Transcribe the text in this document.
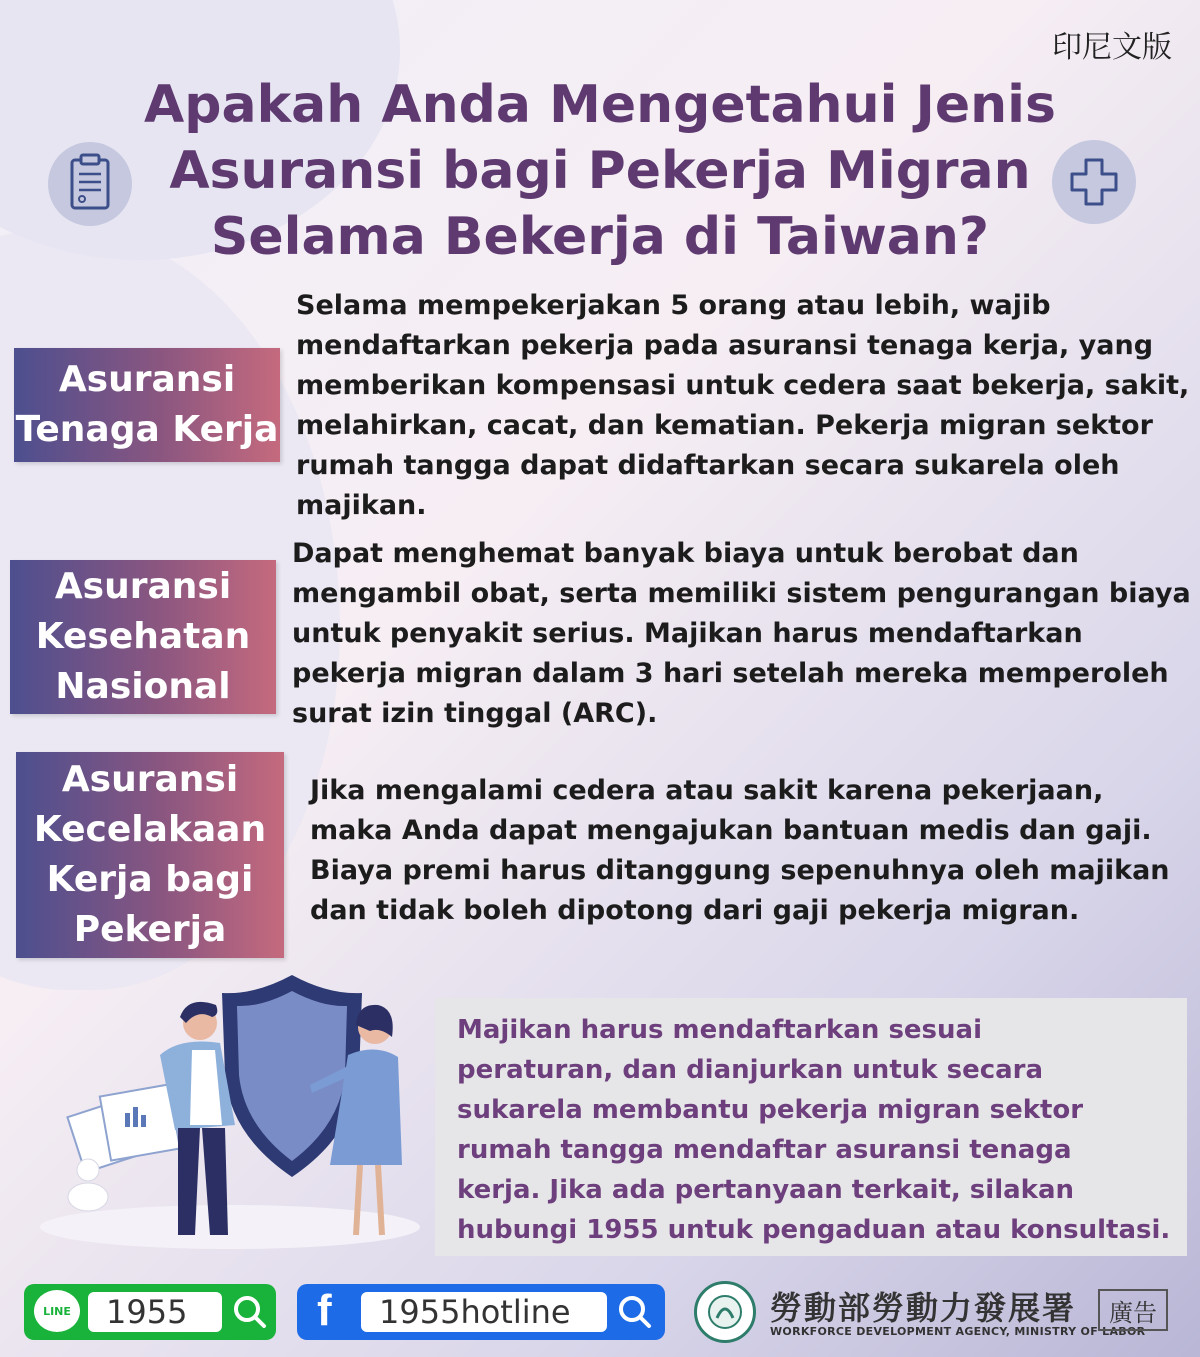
印尼文版
Apakah Anda Mengetahui Jenis
Asuransi bagi Pekerja Migran
Selama Bekerja di Taiwan?
Asuransi
Tenaga Kerja
Selama mempekerjakan 5 orang atau lebih, wajib
mendaftarkan pekerja pada asuransi tenaga kerja, yang
memberikan kompensasi untuk cedera saat bekerja, sakit,
melahirkan, cacat, dan kematian. Pekerja migran sektor
rumah tangga dapat didaftarkan secara sukarela oleh
majikan.
Asuransi
Kesehatan
Nasional
Dapat menghemat banyak biaya untuk berobat dan
mengambil obat, serta memiliki sistem pengurangan biaya
untuk penyakit serius. Majikan harus mendaftarkan
pekerja migran dalam 3 hari setelah mereka memperoleh
surat izin tinggal (ARC).
Asuransi
Kecelakaan
Kerja bagi
Pekerja
Jika mengalami cedera atau sakit karena pekerjaan,
maka Anda dapat mengajukan bantuan medis dan gaji.
Biaya premi harus ditanggung sepenuhnya oleh majikan
dan tidak boleh dipotong dari gaji pekerja migran.
Majikan harus mendaftarkan sesuai
peraturan, dan dianjurkan untuk secara
sukarela membantu pekerja migran sektor
rumah tangga mendaftar asuransi tenaga
kerja. Jika ada pertanyaan terkait, silakan
hubungi 1955 untuk pengaduan atau konsultasi.
LINE 1955	f 1955hotline	勞動部勞動力發展署
WORKFORCE DEVELOPMENT AGENCY, MINISTRY OF LABOR
廣告
